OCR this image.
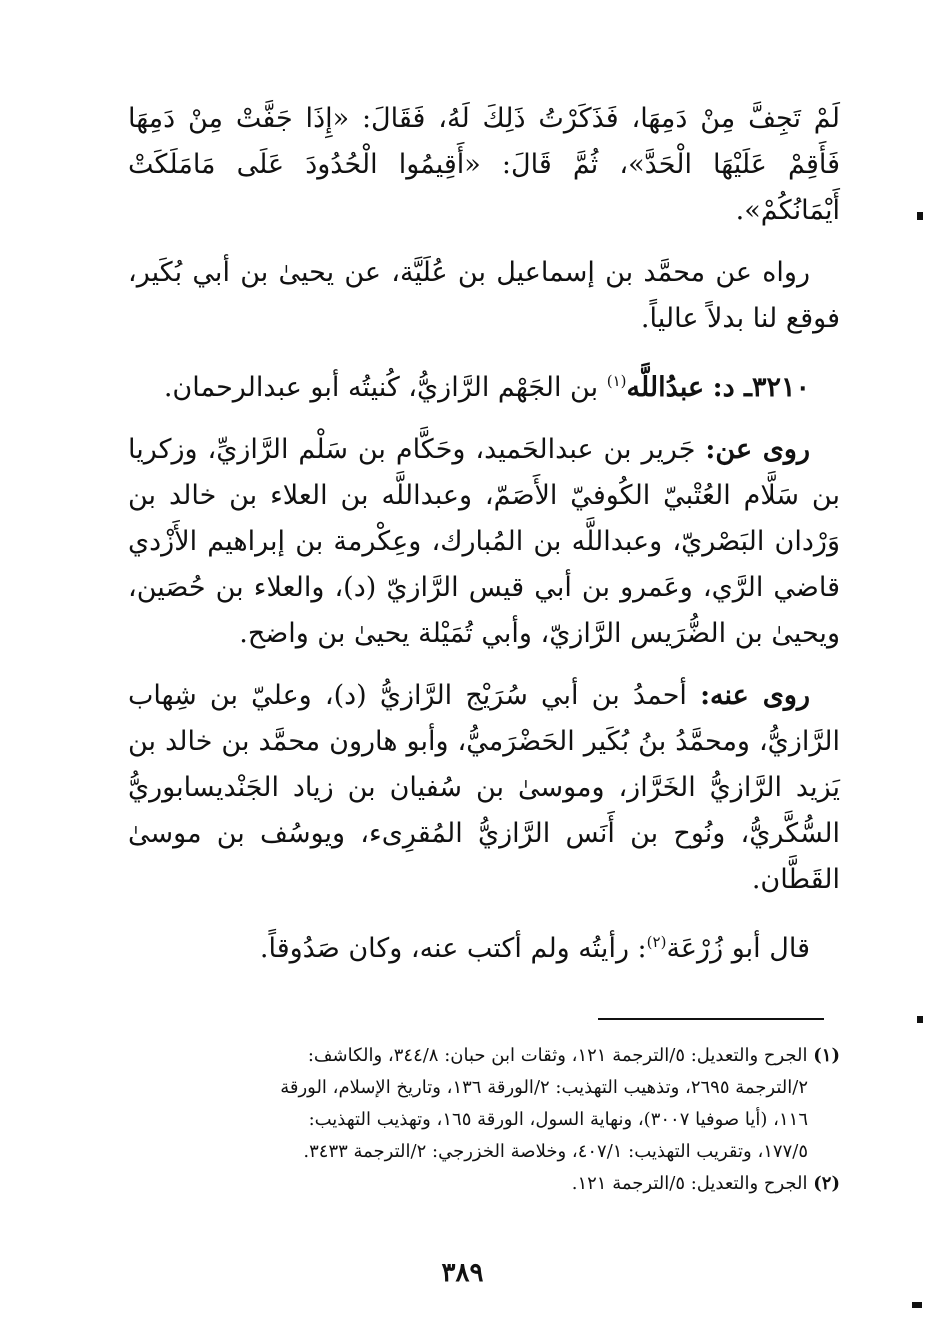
لَمْ تَجِفَّ مِنْ دَمِهَا، فَذَكَرْتُ ذَلِكَ لَهُ، فَقَالَ: «إِذَا جَفَّتْ مِنْ دَمِهَا فَأَقِمْ عَلَيْهَا الْحَدَّ»، ثُمَّ قَالَ: «أَقِيمُوا الْحُدُودَ عَلَى مَامَلَكَتْ أَيْمَانُكُمْ».

رواه عن محمَّد بن إسماعيل بن عُلَيَّة، عن يحيىٰ بن أبي بُكَير، فوقع لنا بدلاً عالياً.

٣٢١٠ـ د: عبدُاللَّه$^{(١)}$ بن الجَهْم الرَّازيُّ، كُنيتُه أبو عبدالرحمان.

روى عن: جَرير بن عبدالحَميد، وحَكَّام بن سَلْم الرَّازيِّ، وزكريا بن سَلَّام العُتْبيّ الكُوفيّ الأَصَمّ، وعبداللَّه بن العلاء بن خالد بن وَرْدان البَصْريّ، وعبداللَّه بن المُبارك، وعِكْرمة بن إبراهيم الأَزْدي قاضي الرَّي، وعَمرو بن أبي قيس الرَّازيّ (د)، والعلاء بن حُصَين، ويحيىٰ بن الضُّرَيس الرَّازيّ، وأبي تُمَيْلة يحيىٰ بن واضح.

روى عنه: أحمدُ بن أبي سُرَيْج الرَّازيُّ (د)، وعليّ بن شِهاب الرَّازيُّ، ومحمَّدُ بنُ بُكَير الحَضْرَميُّ، وأبو هارون محمَّد بن خالد بن يَزيد الرَّازيُّ الخَرَّاز، وموسىٰ بن سُفيان بن زياد الجَنْديسابوريُّ السُّكَّريُّ، ونُوح بن أَنَس الرَّازيُّ المُقرِىء، ويوسُف بن موسىٰ القَطَّان.

قال أبو زُرْعَة$^{(٢)}$: رأيتُه ولم أكتب عنه، وكان صَدُوقاً.

(١) الجرح والتعديل: ٥/الترجمة ١٢١، وثقات ابن حبان: ٣٤٤/٨، والكاشف:

٢/الترجمة ٢٦٩٥، وتذهيب التهذيب: ٢/الورقة ١٣٦، وتاريخ الإسلام، الورقة

١١٦، (أيا صوفيا ٣٠٠٧)، ونهاية السول، الورقة ١٦٥، وتهذيب التهذيب:

١٧٧/٥، وتقريب التهذيب: ٤٠٧/١، وخلاصة الخزرجي: ٢/الترجمة ٣٤٣٣.

(٢) الجرح والتعديل: ٥/الترجمة ١٢١.

٣٨٩
